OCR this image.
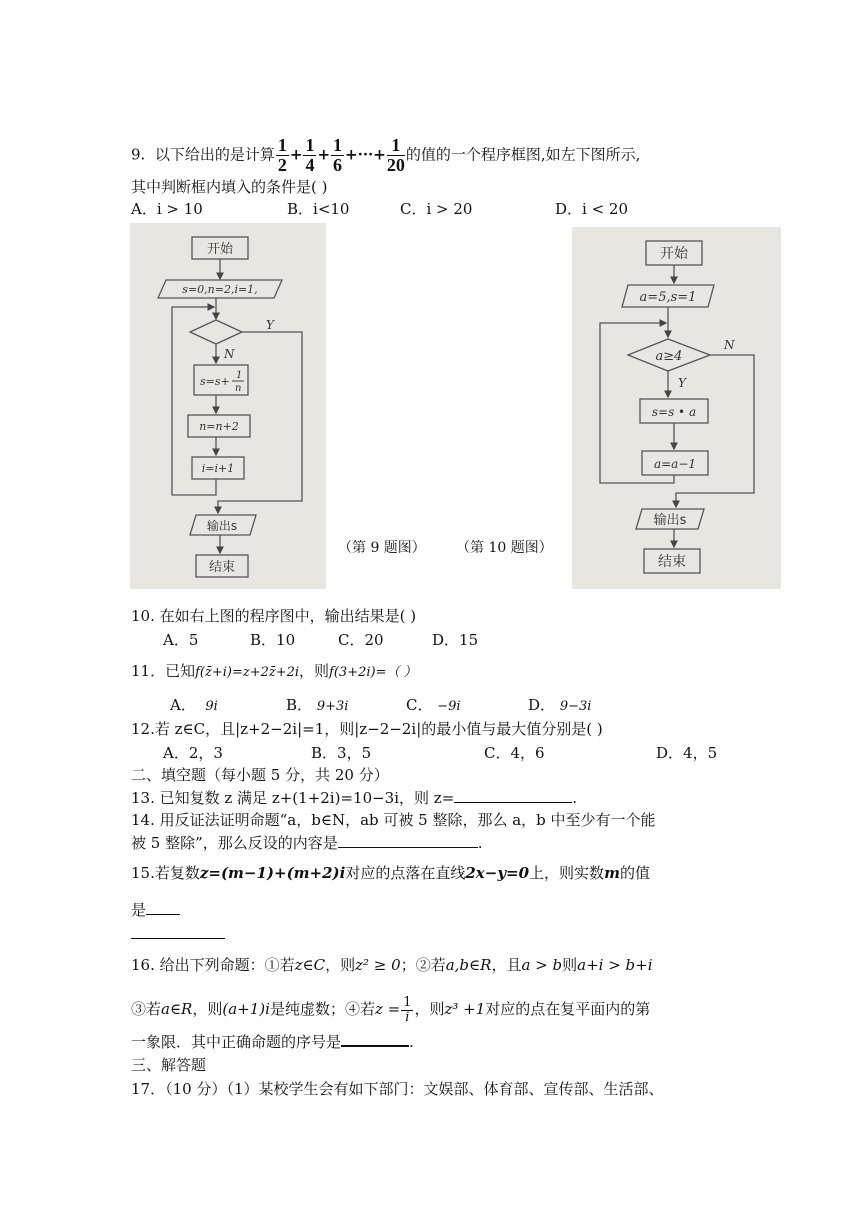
9. 以下给出的是计算 $\frac{1}{2} + \frac{1}{4} + \frac{1}{6}$ +···+ $\frac{1}{20}$ 的值的一个程序框图,如左下图所示,
其中判断框内填入的条件是( )
A．i > 10	B．i<10	C．i > 20	D．i < 20
开始
s=0,n=2,i=1,
Y
N
s=s+ 1
n
n=n+2
i=i+1
输出s
结束
（第 9 题图） （第 10 题图）
开始
a=5,s=1
a≥4
N
Y
s=s • a
a=a−1
输出s
结束
10. 在如右上图的程序图中，输出结果是( )
A．5	B．10	C．20	D．15
11．已知f(z̄+i)=z+2z̄+2i，则f(3+2i)=（ ）
A． 9i	B． 9+3i	C． −9i	D． 9−3i
12.若 z∈C，且|z+2−2i|=1，则|z−2−2i|的最小值与最大值分别是( )
A．2，3	B．3，5	C．4，6	D．4，5
二、填空题（每小题 5 分，共 20 分）
13. 已知复数 z 满足 z+(1+2i)=10−3i，则 z=	.
14. 用反证法证明命题“a，b∈N，ab 可被 5 整除，那么 a，b 中至少有一个能
被 5 整除”，那么反设的内容是	.
15.若复数z=(m−1)+(m+2)i对应的点落在直线2x−y=0上，则实数m的值
是
16. 给出下列命题：①若z∈C，则z² ≥ 0；②若a,b∈R，且a > b则a+i > b+i
③若a∈R，则(a+1)i是纯虚数；④若$z = \frac{1}{i}$ ，则z³ +1对应的点在复平面内的第
一象限．其中正确命题的序号是	.
三、解答题
17．（10 分）（1）某校学生会有如下部门：文娱部、体育部、宣传部、生活部、
